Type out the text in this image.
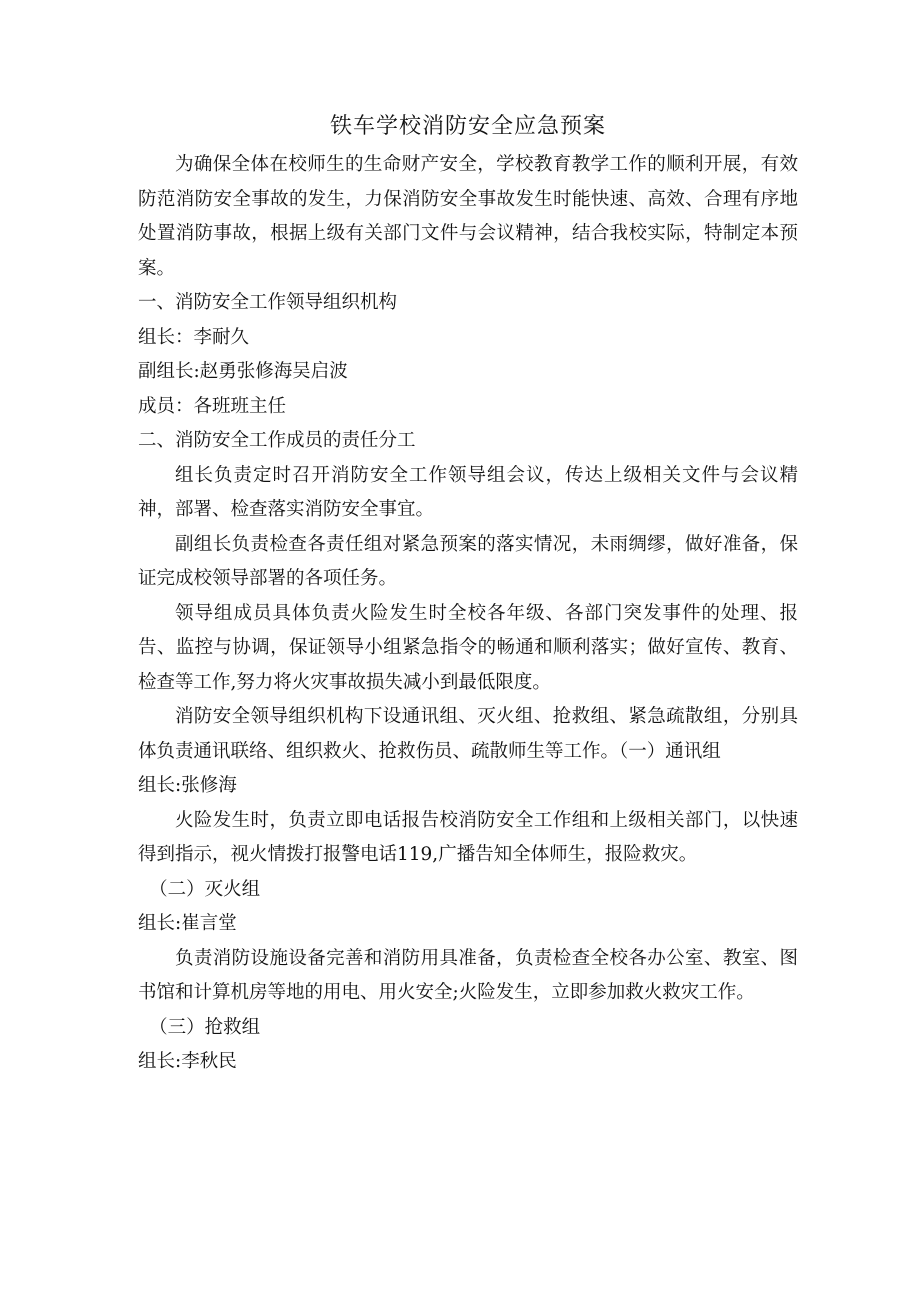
铁车学校消防安全应急预案

为确保全体在校师生的生命财产安全，学校教育教学工作的顺利开展，有效防范消防安全事故的发生，力保消防安全事故发生时能快速、高效、合理有序地处置消防事故，根据上级有关部门文件与会议精神，结合我校实际，特制定本预案。

一、消防安全工作领导组织机构

组长：李耐久

副组长:赵勇张修海吴启波

成员：各班班主任

二、消防安全工作成员的责任分工

组长负责定时召开消防安全工作领导组会议，传达上级相关文件与会议精神，部署、检查落实消防安全事宜。

副组长负责检查各责任组对紧急预案的落实情况，未雨绸缪，做好准备，保证完成校领导部署的各项任务。

领导组成员具体负责火险发生时全校各年级、各部门突发事件的处理、报告、监控与协调，保证领导小组紧急指令的畅通和顺利落实；做好宣传、教育、检查等工作,努力将火灾事故损失减小到最低限度。

消防安全领导组织机构下设通讯组、灭火组、抢救组、紧急疏散组，分别具体负责通讯联络、组织救火、抢救伤员、疏散师生等工作。（一）通讯组

组长:张修海

火险发生时，负责立即电话报告校消防安全工作组和上级相关部门，以快速得到指示，视火情拨打报警电话119,广播告知全体师生，报险救灾。

（二）灭火组

组长:崔言堂

负责消防设施设备完善和消防用具准备，负责检查全校各办公室、教室、图书馆和计算机房等地的用电、用火安全;火险发生，立即参加救火救灾工作。

（三）抢救组

组长:李秋民
